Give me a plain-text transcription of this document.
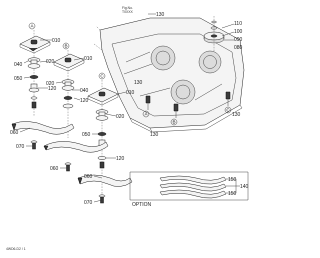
010
020
040
050
120
010
020
040
120
010
020
050
060
070
060
120
060
070
110
100
090
080
130
130
130
130
150
140
150
A
B
C
A
B
C
Fig.No.
T0XXX
OPTION
4WD6-D2 / 1
